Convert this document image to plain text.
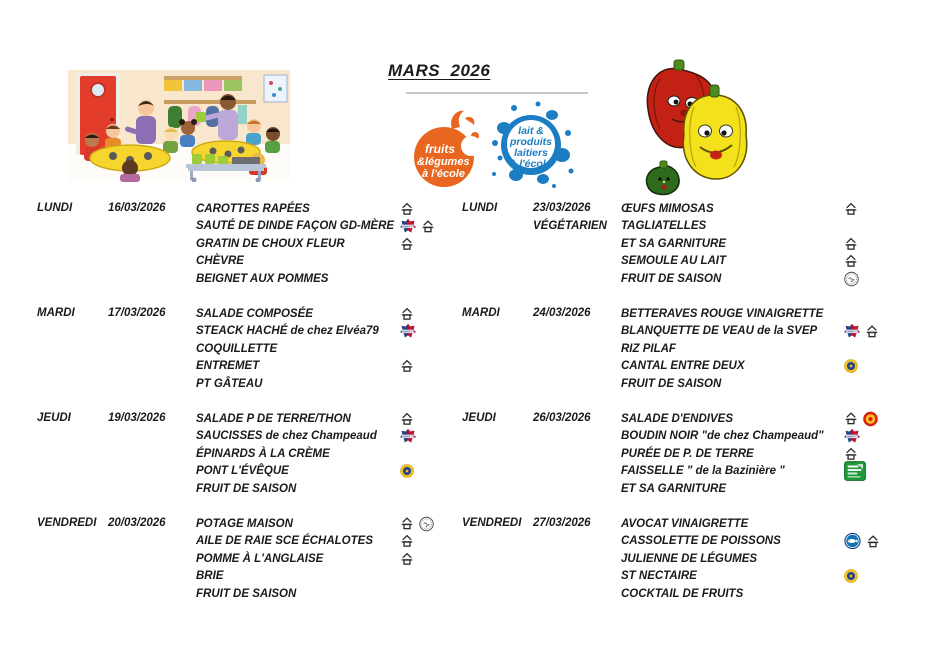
MARS  2026
fruits
&légumes
à l'école
lait &
produits
laitiers
à l'école
LUNDI	16/03/2026	CAROTTES RAPÉES
SAUTÉ DE DINDE FAÇON GD-MÈRE	VIANDE FR
GRATIN DE CHOUX FLEUR
CHÈVRE
BEIGNET AUX POMMES
MARDI	17/03/2026	SALADE COMPOSÉE
STEACK HACHÉ de chez Elvéa79	VIANDE FR
COQUILLETTE
ENTREMET
PT GÂTEAU
JEUDI	19/03/2026	SALADE P DE TERRE/THON
SAUCISSES de chez Champeaud	VIANDE FR
ÉPINARDS À LA CRÈME
PONT L'ÉVÊQUE
FRUIT DE SAISON
VENDREDI	20/03/2026	POTAGE MAISON
AILE DE RAIE SCE ÉCHALOTES
POMME À L'ANGLAISE
BRIE
FRUIT DE SAISON
LUNDI	23/03/2026
VÉGÉTARIEN
ŒUFS MIMOSAS
TAGLIATELLES
ET SA GARNITURE
SEMOULE AU LAIT
FRUIT DE SAISON
MARDI	24/03/2026	BETTERAVES ROUGE VINAIGRETTE
BLANQUETTE DE VEAU de la SVEP	VIANDE FR
RIZ PILAF
CANTAL ENTRE DEUX
FRUIT DE SAISON
JEUDI	26/03/2026	SALADE D'ENDIVES
BOUDIN NOIR "de chez Champeaud"	VIANDE FR
PURÉE DE P. DE TERRE
FAISSELLE " de la Bazinière "
ET SA GARNITURE
VENDREDI	27/03/2026	AVOCAT VINAIGRETTE
CASSOLETTE DE POISSONS
JULIENNE DE LÉGUMES
ST NECTAIRE
COCKTAIL DE FRUITS
